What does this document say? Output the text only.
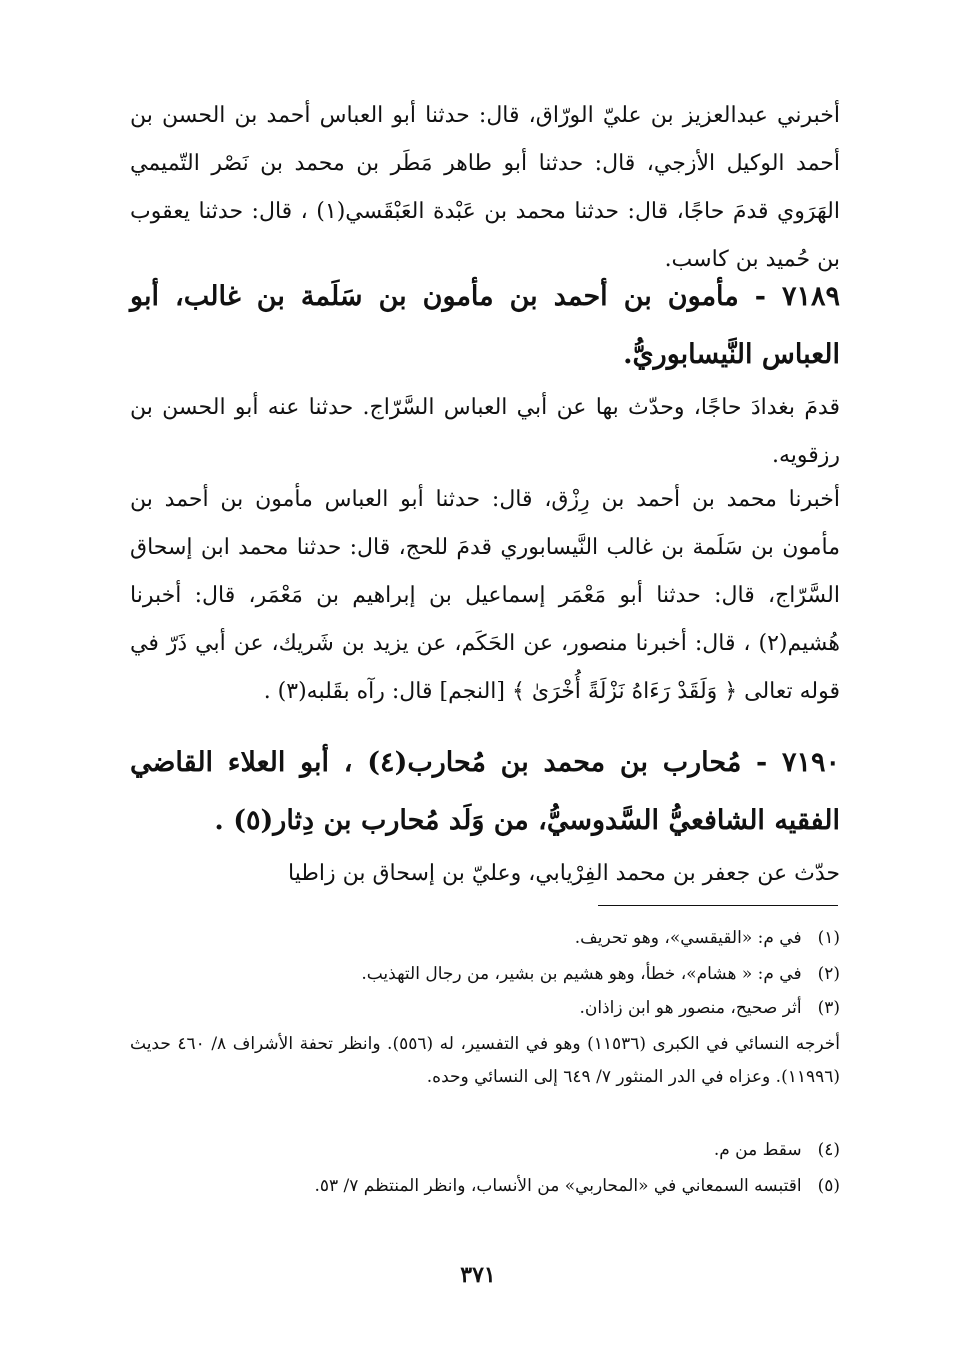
أخبرني عبدالعزيز بن عليّ الورّاق، قال: حدثنا أبو العباس أحمد بن الحسن بن أحمد الوكيل الأزجي، قال: حدثنا أبو طاهر مَطَر بن محمد بن نَصْر التّميمي الهَرَوي قدمَ حاجًا، قال: حدثنا محمد بن عَبْدة العَبْقَسي(١) ، قال: حدثنا يعقوب بن حُميد بن كاسب.

٧١٨٩ - مأمون بن أحمد بن مأمون بن سَلَمة بن غالب، أبو العباس النَّيسابوريُّ.

قدمَ بغدادَ حاجًا، وحدّث بها عن أبي العباس السَّرّاج. حدثنا عنه أبو الحسن بن رزقويه.

أخبرنا محمد بن أحمد بن رِزْق، قال: حدثنا أبو العباس مأمون بن أحمد بن مأمون بن سَلَمة بن غالب النَّيسابوري قدمَ للحج، قال: حدثنا محمد ابن إسحاق السَّرّاج، قال: حدثنا أبو مَعْمَر إسماعيل بن إبراهيم بن مَعْمَر، قال: أخبرنا هُشيم(٢) ، قال: أخبرنا منصور، عن الحَكَم، عن يزيد بن شَريك، عن أبي ذَرّ في قوله تعالى ﴿ وَلَقَدْ رَءَاهُ نَزْلَةً أُخْرَىٰ ﴾ [النجم] قال: رآه بقَلبه(٣) .

٧١٩٠ - مُحارب بن محمد بن مُحارب(٤) ، أبو العلاء القاضي الفقيه الشافعيُّ السَّدوسيُّ، من وَلَد مُحارب بن دِثار(٥) .

حدّث عن جعفر بن محمد الفِرْيابي، وعليّ بن إسحاق بن زاطيا

(١)في م: «القيقسي»، وهو تحريف.

(٢)في م: « هشام»، خطأ، وهو هشيم بن بشير، من رجال التهذيب.

(٣)أثر صحيح، منصور هو ابن زاذان.

أخرجه النسائي في الكبرى (١١٥٣٦) وهو في التفسير، له (٥٥٦). وانظر تحفة الأشراف ٨/ ٤٦٠ حديث (١١٩٩٦). وعزاه في الدر المنثور ٧/ ٦٤٩ إلى النسائي وحده.

(٤)سقط من م.

(٥)اقتبسه السمعاني في «المحاربي» من الأنساب، وانظر المنتظم ٧/ ٥٣.

٣٧١
